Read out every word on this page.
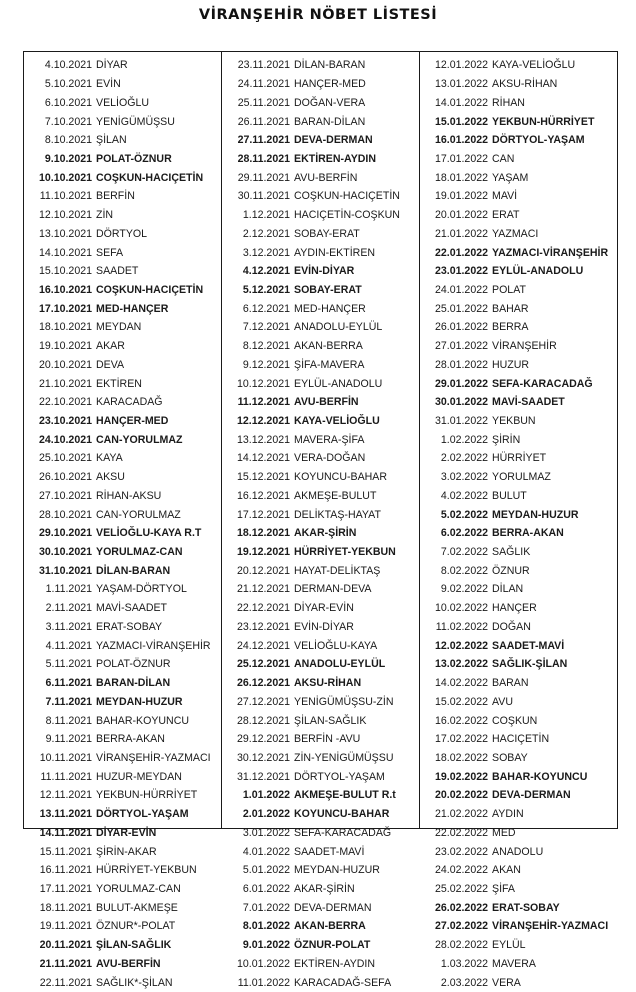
VİRANŞEHİR NÖBET LİSTESİ
4.10.2021 DİYAR
5.10.2021 EVİN
6.10.2021 VELİOĞLU
7.10.2021 YENİGÜMÜŞSU
8.10.2021 ŞİLAN
9.10.2021 POLAT-ÖZNUR
10.10.2021 COŞKUN-HACIÇETİN
11.10.2021 BERFİN
12.10.2021 ZİN
13.10.2021 DÖRTYOL
14.10.2021 SEFA
15.10.2021 SAADET
16.10.2021 COŞKUN-HACIÇETİN
17.10.2021 MED-HANÇER
18.10.2021 MEYDAN
19.10.2021 AKAR
20.10.2021 DEVA
21.10.2021 EKTİREN
22.10.2021 KARACADAĞ
23.10.2021 HANÇER-MED
24.10.2021 CAN-YORULMAZ
25.10.2021 KAYA
26.10.2021 AKSU
27.10.2021 RİHAN-AKSU
28.10.2021 CAN-YORULMAZ
29.10.2021 VELİOĞLU-KAYA R.T
30.10.2021 YORULMAZ-CAN
31.10.2021 DİLAN-BARAN
1.11.2021 YAŞAM-DÖRTYOL
2.11.2021 MAVİ-SAADET
3.11.2021 ERAT-SOBAY
4.11.2021 YAZMACI-VİRANŞEHİR
5.11.2021 POLAT-ÖZNUR
6.11.2021 BARAN-DİLAN
7.11.2021 MEYDAN-HUZUR
8.11.2021 BAHAR-KOYUNCU
9.11.2021 BERRA-AKAN
10.11.2021 VİRANŞEHİR-YAZMACI
11.11.2021 HUZUR-MEYDAN
12.11.2021 YEKBUN-HÜRRİYET
13.11.2021 DÖRTYOL-YAŞAM
14.11.2021 DİYAR-EVİN
15.11.2021 ŞİRİN-AKAR
16.11.2021 HÜRRİYET-YEKBUN
17.11.2021 YORULMAZ-CAN
18.11.2021 BULUT-AKMEŞE
19.11.2021 ÖZNUR*-POLAT
20.11.2021 ŞİLAN-SAĞLIK
21.11.2021 AVU-BERFİN
22.11.2021 SAĞLIK*-ŞİLAN
23.11.2021 DİLAN-BARAN
24.11.2021 HANÇER-MED
25.11.2021 DOĞAN-VERA
26.11.2021 BARAN-DİLAN
27.11.2021 DEVA-DERMAN
28.11.2021 EKTİREN-AYDIN
29.11.2021 AVU-BERFİN
30.11.2021 COŞKUN-HACIÇETİN
1.12.2021 HACIÇETİN-COŞKUN
2.12.2021 SOBAY-ERAT
3.12.2021 AYDIN-EKTİREN
4.12.2021 EVİN-DİYAR
5.12.2021 SOBAY-ERAT
6.12.2021 MED-HANÇER
7.12.2021 ANADOLU-EYLÜL
8.12.2021 AKAN-BERRA
9.12.2021 ŞİFA-MAVERA
10.12.2021 EYLÜL-ANADOLU
11.12.2021 AVU-BERFİN
12.12.2021 KAYA-VELİOĞLU
13.12.2021 MAVERA-ŞİFA
14.12.2021 VERA-DOĞAN
15.12.2021 KOYUNCU-BAHAR
16.12.2021 AKMEŞE-BULUT
17.12.2021 DELİKTAŞ-HAYAT
18.12.2021 AKAR-ŞİRİN
19.12.2021 HÜRRİYET-YEKBUN
20.12.2021 HAYAT-DELİKTAŞ
21.12.2021 DERMAN-DEVA
22.12.2021 DİYAR-EVİN
23.12.2021 EVİN-DİYAR
24.12.2021 VELİOĞLU-KAYA
25.12.2021 ANADOLU-EYLÜL
26.12.2021 AKSU-RİHAN
27.12.2021 YENİGÜMÜŞSU-ZİN
28.12.2021 ŞİLAN-SAĞLIK
29.12.2021 BERFİN -AVU
30.12.2021 ZİN-YENİGÜMÜŞSU
31.12.2021 DÖRTYOL-YAŞAM
1.01.2022 AKMEŞE-BULUT R.t
2.01.2022 KOYUNCU-BAHAR
3.01.2022 SEFA-KARACADAĞ
4.01.2022 SAADET-MAVİ
5.01.2022 MEYDAN-HUZUR
6.01.2022 AKAR-ŞİRİN
7.01.2022 DEVA-DERMAN
8.01.2022 AKAN-BERRA
9.01.2022 ÖZNUR-POLAT
10.01.2022 EKTİREN-AYDIN
11.01.2022 KARACADAĞ-SEFA
12.01.2022 KAYA-VELİOĞLU
13.01.2022 AKSU-RİHAN
14.01.2022 RİHAN
15.01.2022 YEKBUN-HÜRRİYET
16.01.2022 DÖRTYOL-YAŞAM
17.01.2022 CAN
18.01.2022 YAŞAM
19.01.2022 MAVİ
20.01.2022 ERAT
21.01.2022 YAZMACI
22.01.2022 YAZMACI-VİRANŞEHİR
23.01.2022 EYLÜL-ANADOLU
24.01.2022 POLAT
25.01.2022 BAHAR
26.01.2022 BERRA
27.01.2022 VİRANŞEHİR
28.01.2022 HUZUR
29.01.2022 SEFA-KARACADAĞ
30.01.2022 MAVİ-SAADET
31.01.2022 YEKBUN
1.02.2022 ŞİRİN
2.02.2022 HÜRRİYET
3.02.2022 YORULMAZ
4.02.2022 BULUT
5.02.2022 MEYDAN-HUZUR
6.02.2022 BERRA-AKAN
7.02.2022 SAĞLIK
8.02.2022 ÖZNUR
9.02.2022 DİLAN
10.02.2022 HANÇER
11.02.2022 DOĞAN
12.02.2022 SAADET-MAVİ
13.02.2022 SAĞLIK-ŞİLAN
14.02.2022 BARAN
15.02.2022 AVU
16.02.2022 COŞKUN
17.02.2022 HACIÇETİN
18.02.2022 SOBAY
19.02.2022 BAHAR-KOYUNCU
20.02.2022 DEVA-DERMAN
21.02.2022 AYDIN
22.02.2022 MED
23.02.2022 ANADOLU
24.02.2022 AKAN
25.02.2022 ŞİFA
26.02.2022 ERAT-SOBAY
27.02.2022 VİRANŞEHİR-YAZMACI
28.02.2022 EYLÜL
1.03.2022 MAVERA
2.03.2022 VERA
